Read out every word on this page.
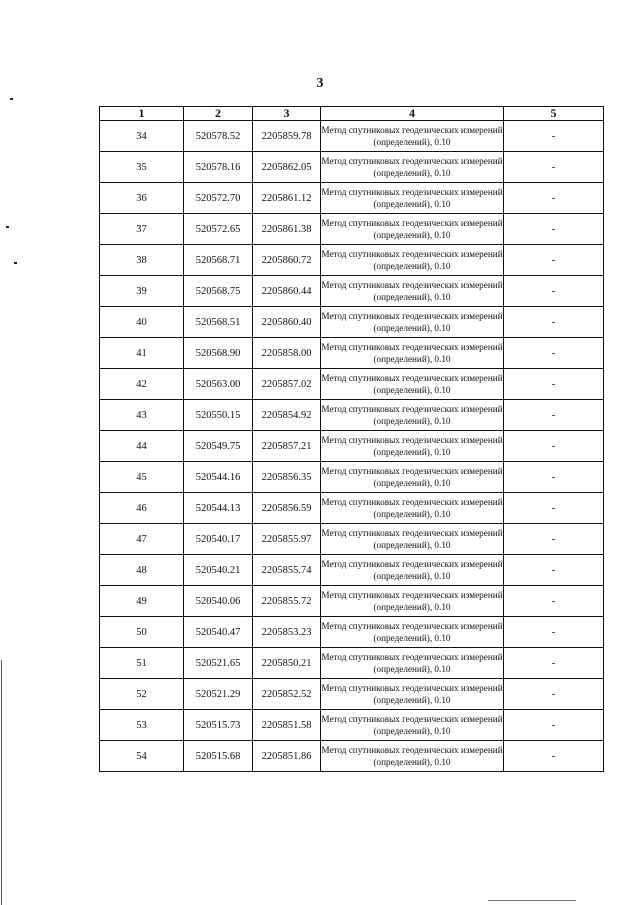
3
1	2	3	4	5
34	520578.52	2205859.78	Метод спутниковых геодезических измерений (определений), 0.10	-
35	520578.16	2205862.05	Метод спутниковых геодезических измерений (определений), 0.10	-
36	520572.70	2205861.12	Метод спутниковых геодезических измерений (определений), 0.10	-
37	520572.65	2205861.38	Метод спутниковых геодезических измерений (определений), 0.10	-
38	520568.71	2205860.72	Метод спутниковых геодезических измерений (определений), 0.10	-
39	520568.75	2205860.44	Метод спутниковых геодезических измерений (определений), 0.10	-
40	520568.51	2205860.40	Метод спутниковых геодезических измерений (определений), 0.10	-
41	520568.90	2205858.00	Метод спутниковых геодезических измерений (определений), 0.10	-
42	520563.00	2205857.02	Метод спутниковых геодезических измерений (определений), 0.10	-
43	520550.15	2205854.92	Метод спутниковых геодезических измерений (определений), 0.10	-
44	520549.75	2205857.21	Метод спутниковых геодезических измерений (определений), 0.10	-
45	520544.16	2205856.35	Метод спутниковых геодезических измерений (определений), 0.10	-
46	520544.13	2205856.59	Метод спутниковых геодезических измерений (определений), 0.10	-
47	520540.17	2205855.97	Метод спутниковых геодезических измерений (определений), 0.10	-
48	520540.21	2205855.74	Метод спутниковых геодезических измерений (определений), 0.10	-
49	520540.06	2205855.72	Метод спутниковых геодезических измерений (определений), 0.10	-
50	520540.47	2205853.23	Метод спутниковых геодезических измерений (определений), 0.10	-
51	520521.65	2205850.21	Метод спутниковых геодезических измерений (определений), 0.10	-
52	520521.29	2205852.52	Метод спутниковых геодезических измерений (определений), 0.10	-
53	520515.73	2205851.58	Метод спутниковых геодезических измерений (определений), 0.10	-
54	520515.68	2205851.86	Метод спутниковых геодезических измерений (определений), 0.10	-
